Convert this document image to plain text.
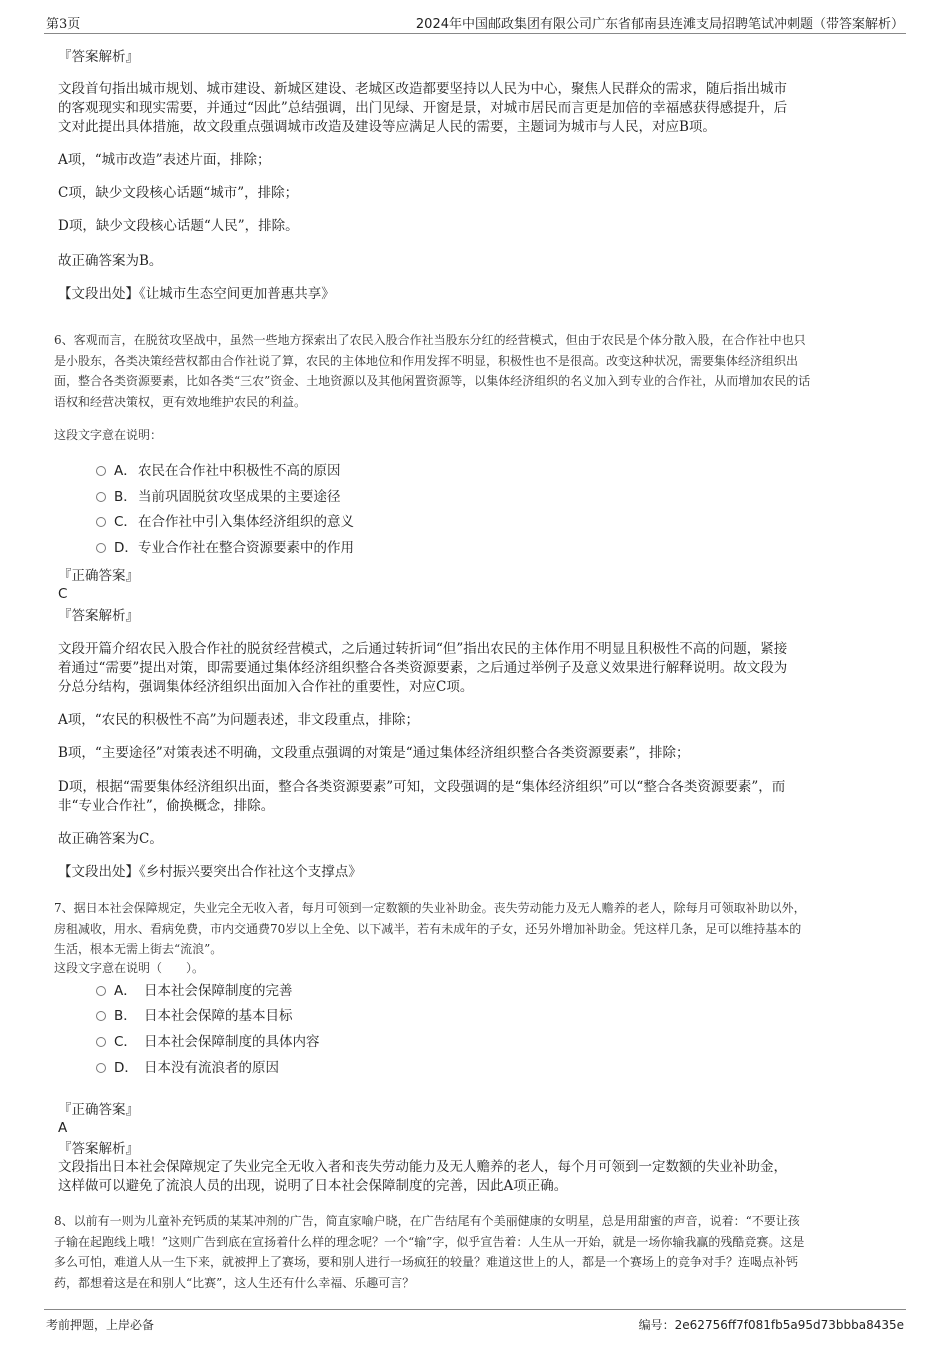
第3页	2024年中国邮政集团有限公司广东省郁南县连滩支局招聘笔试冲刺题（带答案解析）
『答案解析』
文段首句指出城市规划、城市建设、新城区建设、老城区改造都要坚持以人民为中心，聚焦人民群众的需求，随后指出城市
的客观现实和现实需要，并通过“因此”总结强调，出门见绿、开窗是景，对城市居民而言更是加倍的幸福感获得感提升，后
文对此提出具体措施，故文段重点强调城市改造及建设等应满足人民的需要，主题词为城市与人民，对应B项。
A项，“城市改造”表述片面，排除；
C项，缺少文段核心话题“城市”，排除；
D项，缺少文段核心话题“人民”，排除。
故正确答案为B。
【文段出处】《让城市生态空间更加普惠共享》
6、客观而言，在脱贫攻坚战中，虽然一些地方探索出了农民入股合作社当股东分红的经营模式，但由于农民是个体分散入股，在合作社中也只
是小股东，各类决策经营权都由合作社说了算，农民的主体地位和作用发挥不明显，积极性也不是很高。改变这种状况，需要集体经济组织出
面，整合各类资源要素，比如各类“三农”资金、土地资源以及其他闲置资源等，以集体经济组织的名义加入到专业的合作社，从而增加农民的话
语权和经营决策权，更有效地维护农民的利益。
这段文字意在说明：
A．农民在合作社中积极性不高的原因
B．当前巩固脱贫攻坚成果的主要途径
C．在合作社中引入集体经济组织的意义
D．专业合作社在整合资源要素中的作用
『正确答案』
C
『答案解析』
文段开篇介绍农民入股合作社的脱贫经营模式，之后通过转折词“但”指出农民的主体作用不明显且积极性不高的问题，紧接
着通过“需要”提出对策，即需要通过集体经济组织整合各类资源要素，之后通过举例子及意义效果进行解释说明。故文段为
分总分结构，强调集体经济组织出面加入合作社的重要性，对应C项。
A项，“农民的积极性不高”为问题表述，非文段重点，排除；
B项，“主要途径”对策表述不明确，文段重点强调的对策是“通过集体经济组织整合各类资源要素”，排除；
D项，根据“需要集体经济组织出面，整合各类资源要素”可知，文段强调的是“集体经济组织”可以“整合各类资源要素”，而
非“专业合作社”，偷换概念，排除。
故正确答案为C。
【文段出处】《乡村振兴要突出合作社这个支撑点》
7、据日本社会保障规定，失业完全无收入者，每月可领到一定数额的失业补助金。丧失劳动能力及无人赡养的老人，除每月可领取补助以外，
房租减收，用水、看病免费，市内交通费70岁以上全免、以下减半，若有未成年的子女，还另外增加补助金。凭这样几条，足可以维持基本的
生活，根本无需上街去“流浪”。
这段文字意在说明（　　）。
A． 日本社会保障制度的完善
B． 日本社会保障的基本目标
C． 日本社会保障制度的具体内容
D． 日本没有流浪者的原因
『正确答案』
A
『答案解析』
文段指出日本社会保障规定了失业完全无收入者和丧失劳动能力及无人赡养的老人，每个月可领到一定数额的失业补助金，
这样做可以避免了流浪人员的出现，说明了日本社会保障制度的完善，因此A项正确。
8、以前有一则为儿童补充钙质的某某冲剂的广告，简直家喻户晓，在广告结尾有个美丽健康的女明星，总是用甜蜜的声音，说着：“不要让孩
子输在起跑线上哦！”这则广告到底在宣扬着什么样的理念呢？一个“输”字，似乎宣告着：人生从一开始，就是一场你输我赢的残酷竞赛。这是
多么可怕，难道人从一生下来，就被押上了赛场，要和别人进行一场疯狂的较量？难道这世上的人，都是一个赛场上的竞争对手？连喝点补钙
药，都想着这是在和别人“比赛”，这人生还有什么幸福、乐趣可言？
考前押题，上岸必备	编号：2e62756ff7f081fb5a95d73bbba8435e
